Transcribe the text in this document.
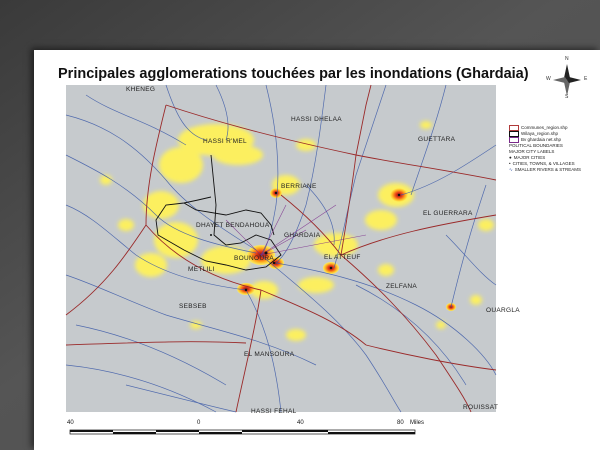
Principales agglomerations touchées par les inondations (Ghardaia)
N
S
E
W
KHENEG
HASSI R'MEL
HASSI DHELAA
GUETTARA
BERRIANE
EL GUERRARA
DHAYET BENDAHOUA
GHARDAIA
BOUNOURA	EL ATTEUF
METLILI
ZELFANA
SEBSEB
OUARGLA
EL MANSOURA
HASSI FEHAL
ROUISSAT
Communes_region.shp
Wilaya_region.shp
Bv ghardaia net.shp
POLITICAL BOUNDARIES
MAJOR CITY LABELS
● MAJOR CITIES
• CITIES, TOWNS, & VILLAGES
∿ SMALLER RIVERS & STREAMS
40	0	40	80 Miles
